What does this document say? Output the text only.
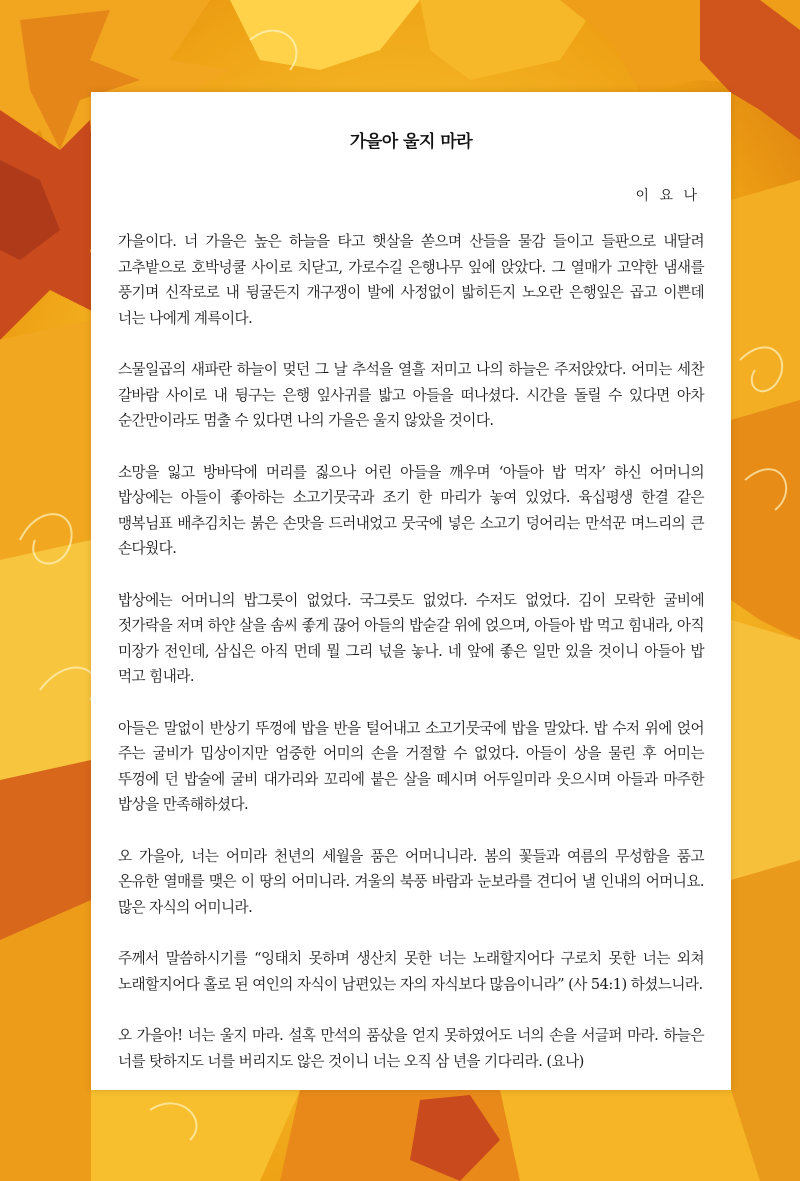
가을아 울지 마라
이 요 나

가을이다. 너 가을은 높은 하늘을 타고 햇살을 쏟으며 산들을 물감 들이고 들판으로 내달려 고추밭으로 호박넝쿨 사이로 치닫고, 가로수길 은행나무 잎에 앉았다. 그 열매가 고약한 냄새를 풍기며 신작로로 내 뒹굴든지 개구쟁이 발에 사정없이 밟히든지 노오란 은행잎은 곱고 이쁜데 너는 나에게 계륵이다.

스물일곱의 새파란 하늘이 멎던 그 날 추석을 열흘 저미고 나의 하늘은 주저앉았다. 어미는 세찬 갈바람 사이로 내 뒹구는 은행 잎사귀를 밟고 아들을 떠나셨다. 시간을 돌릴 수 있다면 아차 순간만이라도 멈출 수 있다면 나의 가을은 울지 않았을 것이다.

소망을 잃고 방바닥에 머리를 짏으나 어린 아들을 깨우며 ‘아들아 밥 먹자’ 하신 어머니의 밥상에는 아들이 좋아하는 소고기뭇국과 조기 한 마리가 놓여 있었다. 육십평생 한결 같은 맹복님표 배추김치는 붉은 손맛을 드러내었고 뭇국에 넣은 소고기 덩어리는 만석꾼 며느리의 큰 손다웠다.

밥상에는 어머니의 밥그릇이 없었다. 국그릇도 없었다. 수저도 없었다. 김이 모락한 굴비에 젓가락을 저며 하얀 살을 솜씨 좋게 끊어 아들의 밥숟갈 위에 얹으며, 아들아 밥 먹고 힘내라, 아직 미장가 전인데, 삼십은 아직 먼데 뭘 그리 넋을 놓나. 네 앞에 좋은 일만 있을 것이니 아들아 밥 먹고 힘내라.

아들은 말없이 반상기 뚜껑에 밥을 반을 털어내고 소고기뭇국에 밥을 말았다. 밥 수저 위에 얹어 주는 굴비가 밉상이지만 엄중한 어미의 손을 거절할 수 없었다. 아들이 상을 물린 후 어미는 뚜껑에 던 밥술에 굴비 대가리와 꼬리에 붙은 살을 떼시며 어두일미라 웃으시며 아들과 마주한 밥상을 만족해하셨다.

오 가을아, 너는 어미라 천년의 세월을 품은 어머니니라. 봄의 꽃들과 여름의 무성함을 품고 온유한 열매를 맺은 이 땅의 어미니라. 겨울의 북풍 바람과 눈보라를 견디어 낼 인내의 어머니요. 많은 자식의 어미니라.

주께서 말씀하시기를 “잉태치 못하며 생산치 못한 너는 노래할지어다 구로치 못한 너는 외쳐 노래할지어다 홀로 된 여인의 자식이 남편있는 자의 자식보다 많음이니라” (사 54:1) 하셨느니라.

오 가을아! 너는 울지 마라. 설혹 만석의 품삯을 얻지 못하였어도 너의 손을 서글퍼 마라. 하늘은 너를 탓하지도 너를 버리지도 않은 것이니 너는 오직 삼 년을 기다리라. (요나)
